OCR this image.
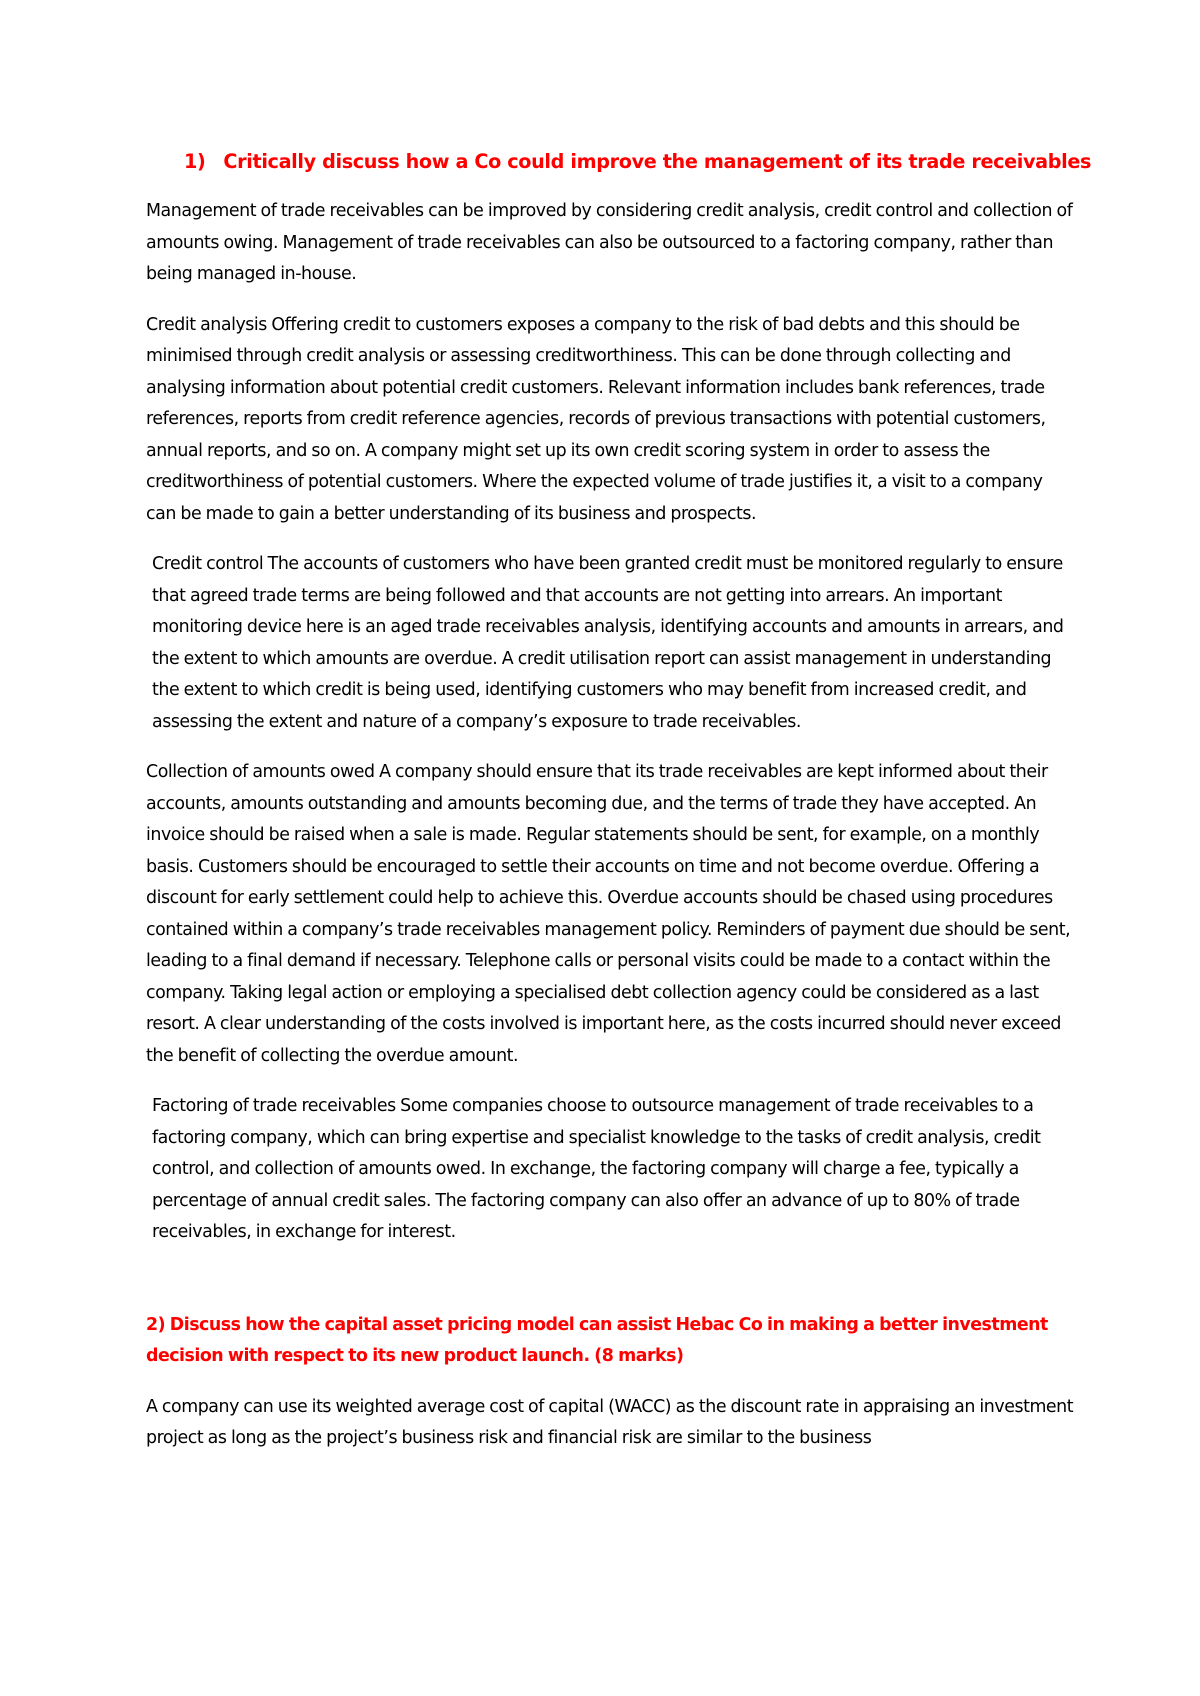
1) Critically discuss how a Co could improve the management of its trade receivables

Management of trade receivables can be improved by considering credit analysis, credit control and collection of amounts owing. Management of trade receivables can also be outsourced to a factoring company, rather than being managed in-house.

Credit analysis Offering credit to customers exposes a company to the risk of bad debts and this should be minimised through credit analysis or assessing creditworthiness. This can be done through collecting and analysing information about potential credit customers. Relevant information includes bank references, trade references, reports from credit reference agencies, records of previous transactions with potential customers, annual reports, and so on. A company might set up its own credit scoring system in order to assess the creditworthiness of potential customers. Where the expected volume of trade justifies it, a visit to a company can be made to gain a better understanding of its business and prospects.

Credit control The accounts of customers who have been granted credit must be monitored regularly to ensure that agreed trade terms are being followed and that accounts are not getting into arrears. An important monitoring device here is an aged trade receivables analysis, identifying accounts and amounts in arrears, and the extent to which amounts are overdue. A credit utilisation report can assist management in understanding the extent to which credit is being used, identifying customers who may benefit from increased credit, and assessing the extent and nature of a company’s exposure to trade receivables.

Collection of amounts owed A company should ensure that its trade receivables are kept informed about their accounts, amounts outstanding and amounts becoming due, and the terms of trade they have accepted. An invoice should be raised when a sale is made. Regular statements should be sent, for example, on a monthly basis. Customers should be encouraged to settle their accounts on time and not become overdue. Offering a discount for early settlement could help to achieve this. Overdue accounts should be chased using procedures contained within a company’s trade receivables management policy. Reminders of payment due should be sent, leading to a final demand if necessary. Telephone calls or personal visits could be made to a contact within the company. Taking legal action or employing a specialised debt collection agency could be considered as a last resort. A clear understanding of the costs involved is important here, as the costs incurred should never exceed the benefit of collecting the overdue amount.

Factoring of trade receivables Some companies choose to outsource management of trade receivables to a factoring company, which can bring expertise and specialist knowledge to the tasks of credit analysis, credit control, and collection of amounts owed. In exchange, the factoring company will charge a fee, typically a percentage of annual credit sales. The factoring company can also offer an advance of up to 80% of trade receivables, in exchange for interest.

2) Discuss how the capital asset pricing model can assist Hebac Co in making a better investment decision with respect to its new product launch. (8 marks)

A company can use its weighted average cost of capital (WACC) as the discount rate in appraising an investment project as long as the project’s business risk and financial risk are similar to the business
